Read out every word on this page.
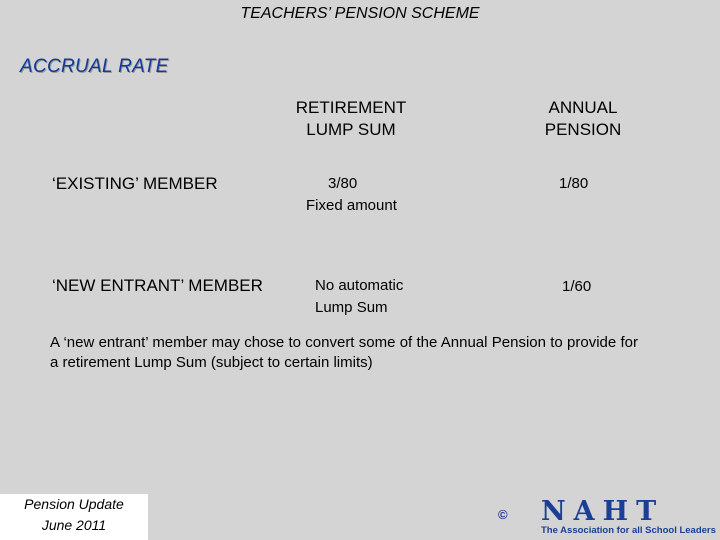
TEACHERS’ PENSION SCHEME
ACCRUAL RATE
RETIREMENT
LUMP SUM
ANNUAL
PENSION
‘EXISTING’ MEMBER	3/80
Fixed amount
1/80
‘NEW ENTRANT’ MEMBER	No automatic
Lump Sum
1/60
A ‘new entrant’ member may chose to convert some of the Annual Pension to provide for a retirement Lump Sum (subject to certain limits)
Pension Update
June 2011
© NAHT
The Association for all School Leaders
